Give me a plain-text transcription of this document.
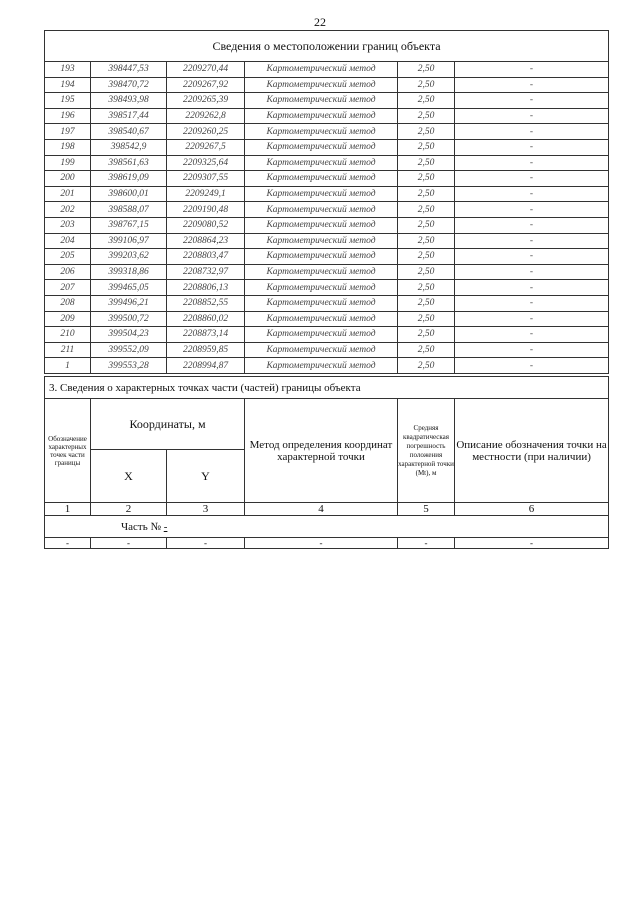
22
Сведения о местоположении границ объекта					
193	398447,53	2209270,44	Картометрический метод	2,50	-
194	398470,72	2209267,92	Картометрический метод	2,50	-
195	398493,98	2209265,39	Картометрический метод	2,50	-
196	398517,44	2209262,8	Картометрический метод	2,50	-
197	398540,67	2209260,25	Картометрический метод	2,50	-
198	398542,9	2209267,5	Картометрический метод	2,50	-
199	398561,63	2209325,64	Картометрический метод	2,50	-
200	398619,09	2209307,55	Картометрический метод	2,50	-
201	398600,01	2209249,1	Картометрический метод	2,50	-
202	398588,07	2209190,48	Картометрический метод	2,50	-
203	398767,15	2209080,52	Картометрический метод	2,50	-
204	399106,97	2208864,23	Картометрический метод	2,50	-
205	399203,62	2208803,47	Картометрический метод	2,50	-
206	399318,86	2208732,97	Картометрический метод	2,50	-
207	399465,05	2208806,13	Картометрический метод	2,50	-
208	399496,21	2208852,55	Картометрический метод	2,50	-
209	399500,72	2208860,02	Картометрический метод	2,50	-
210	399504,23	2208873,14	Картометрический метод	2,50	-
211	399552,09	2208959,85	Картометрический метод	2,50	-
1	399553,28	2208994,87	Картометрический метод	2,50	-
3. Сведения о характерных точках части (частей) границы объекта					
Обозначение характерных точек части границы	Координаты, м		Метод определения координат характерной точки	Средняя квадратическая погрешность положения характерной точки (Mt), м	Описание обозначения точки на местности (при наличии)
	X	Y			
1	2	3	4	5	6
Часть № -					
-	-	-	-	-	-
